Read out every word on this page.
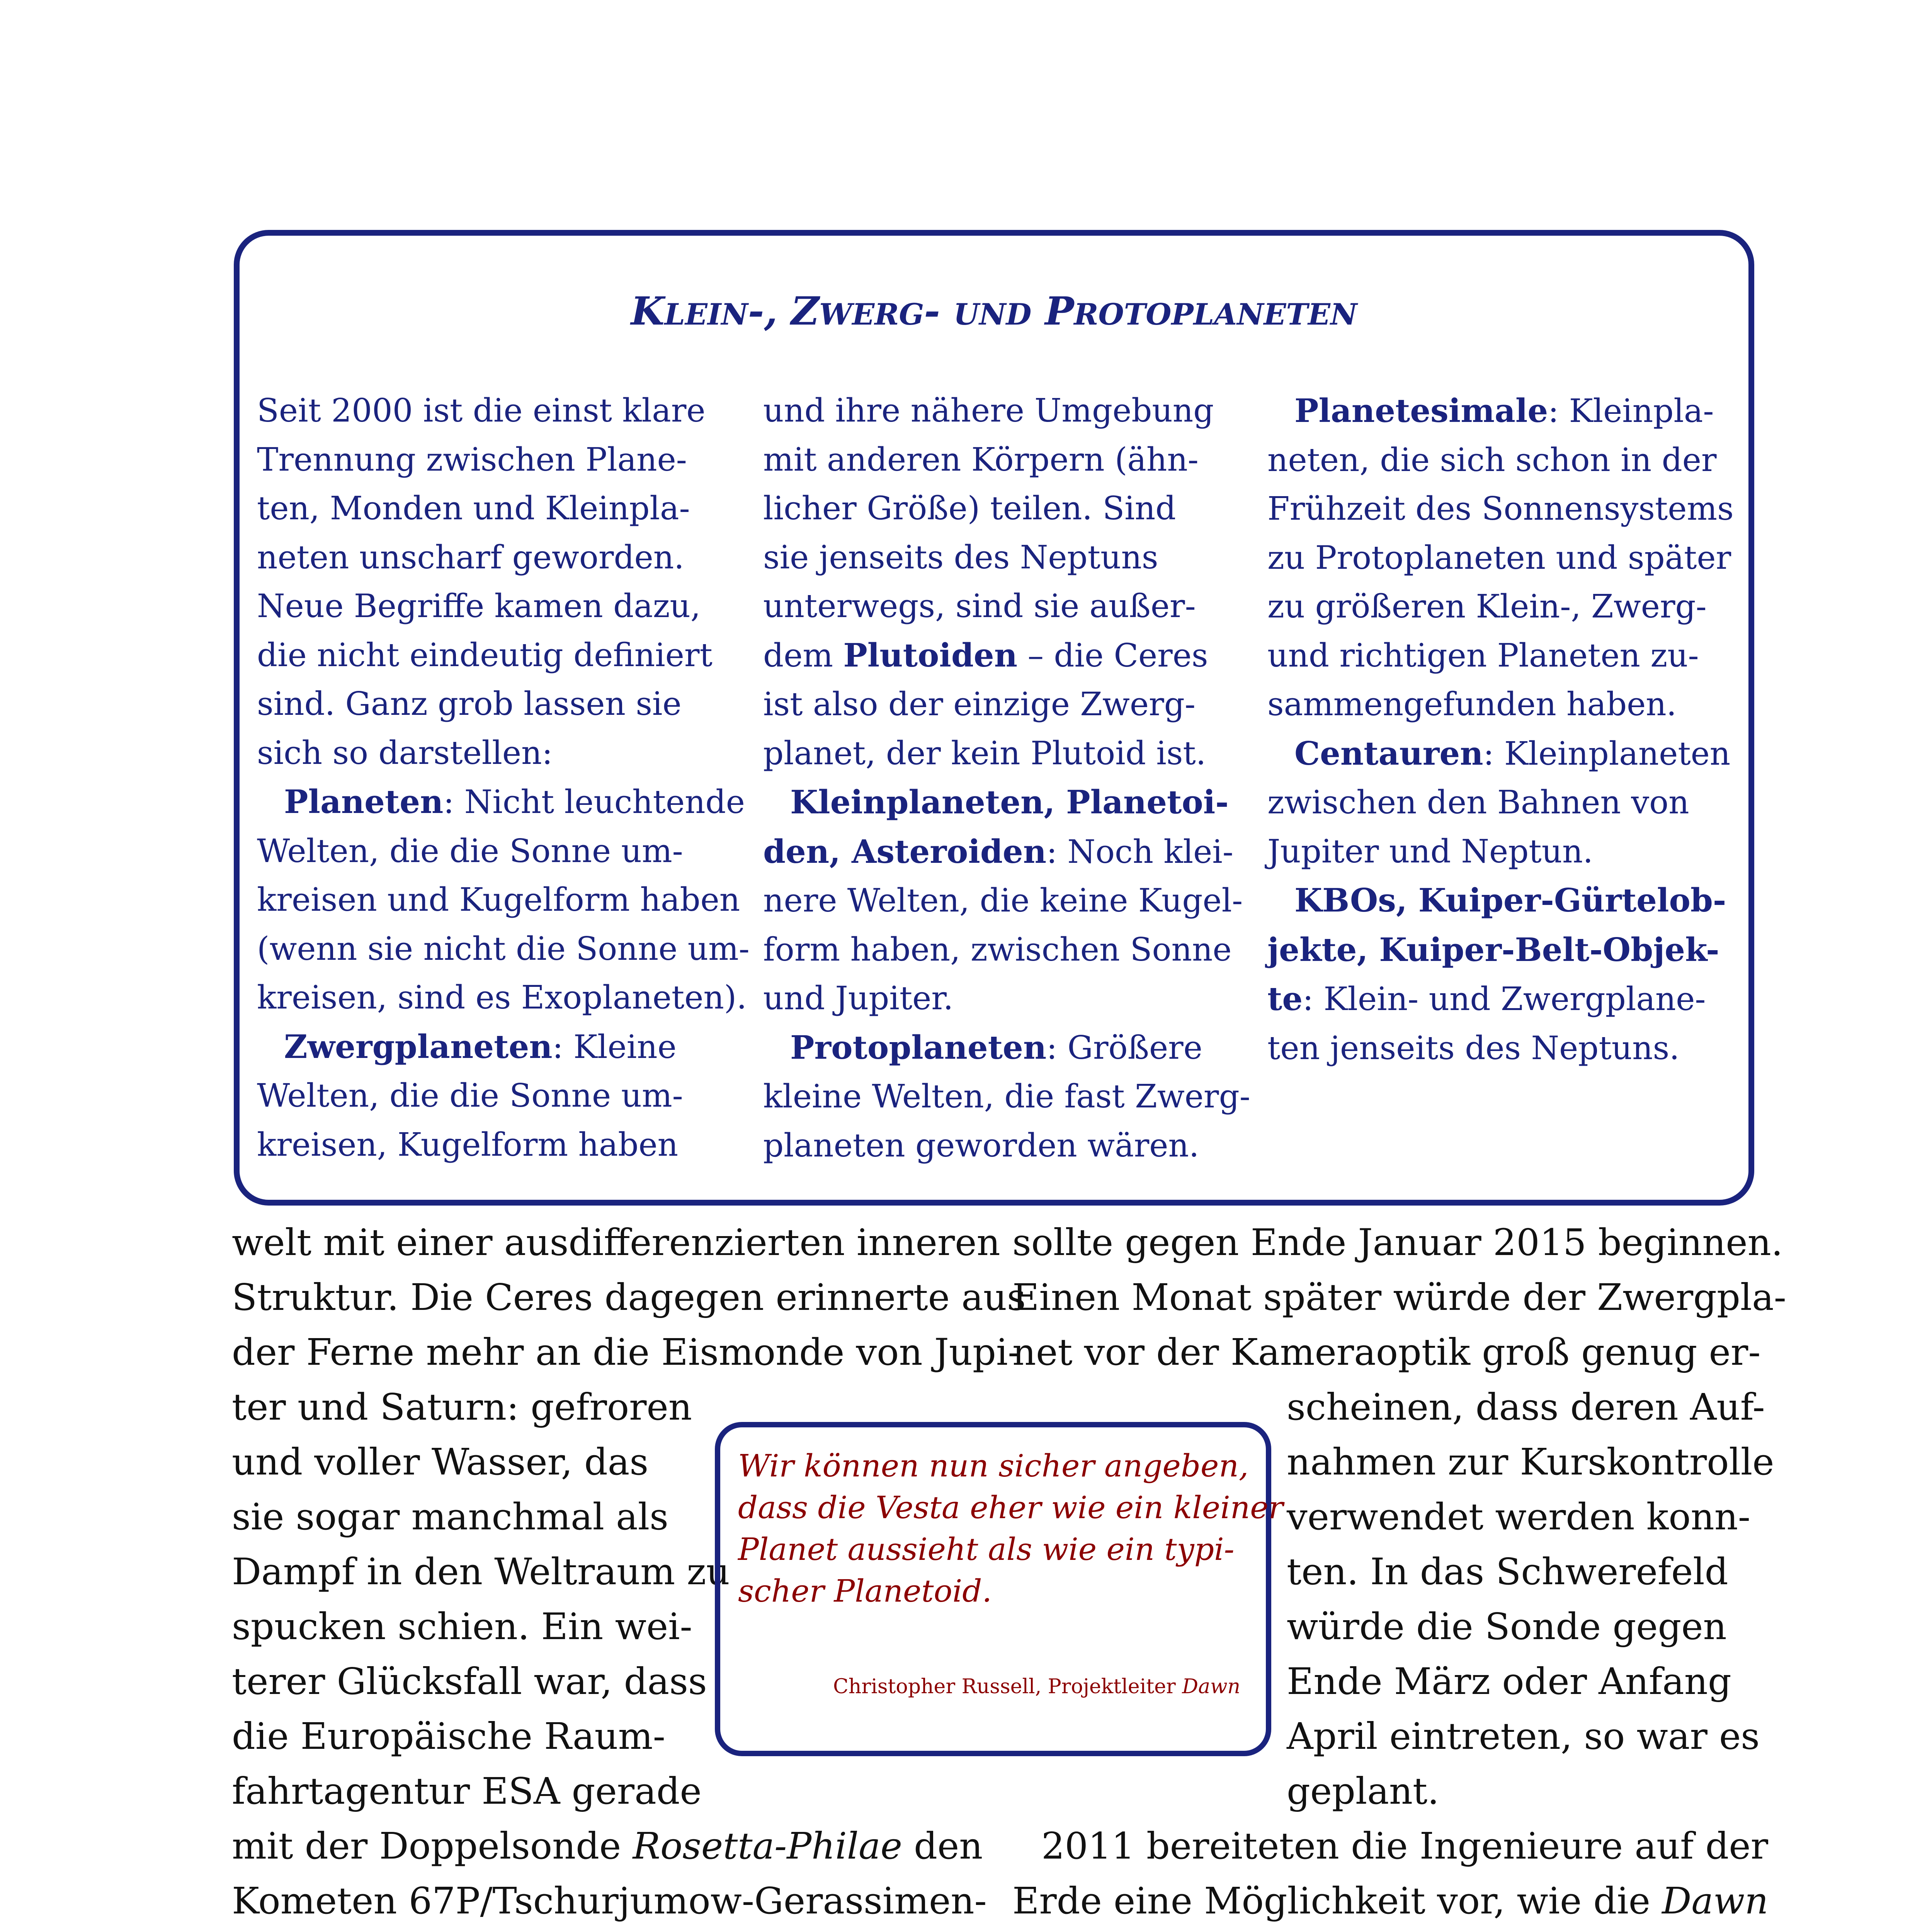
KLEIN-, ZWERG- UND PROTOPLANETEN

Seit 2000 ist die einst klare

Trennung zwischen Plane-

ten, Monden und Kleinpla-

neten unscharf geworden.

Neue Begriffe kamen dazu,

die nicht eindeutig definiert

sind. Ganz grob lassen sie

sich so darstellen:

Planeten: Nicht leuchtende

Welten, die die Sonne um-

kreisen und Kugelform haben

(wenn sie nicht die Sonne um-

kreisen, sind es Exoplaneten).

Zwergplaneten: Kleine

Welten, die die Sonne um-

kreisen, Kugelform haben

und ihre nähere Umgebung

mit anderen Körpern (ähn-

licher Größe) teilen. Sind

sie jenseits des Neptuns

unterwegs, sind sie außer-

dem Plutoiden – die Ceres

ist also der einzige Zwerg-

planet, der kein Plutoid ist.

Kleinplaneten, Planetoi-

den, Asteroiden: Noch klei-

nere Welten, die keine Kugel-

form haben, zwischen Sonne

und Jupiter.

Protoplaneten: Größere

kleine Welten, die fast Zwerg-

planeten geworden wären.

Planetesimale: Kleinpla-

neten, die sich schon in der

Frühzeit des Sonnensystems

zu Protoplaneten und später

zu größeren Klein-, Zwerg-

und richtigen Planeten zu-

sammengefunden haben.

Centauren: Kleinplaneten

zwischen den Bahnen von

Jupiter und Neptun.

KBOs, Kuiper-Gürtelob-

jekte, Kuiper-Belt-Objek-

te: Klein- und Zwergplane-

ten jenseits des Neptuns.

welt mit einer ausdifferenzierten inneren

Struktur. Die Ceres dagegen erinnerte aus

der Ferne mehr an die Eismonde von Jupi-

ter und Saturn: gefroren

und voller Wasser, das

sie sogar manchmal als

Dampf in den Weltraum zu

spucken schien. Ein wei-

terer Glücksfall war, dass

die Europäische Raum-

fahrtagentur ESA gerade

mit der Doppelsonde Rosetta-Philae den

Kometen 67P/Tschurjumow-Gerassimen-

sollte gegen Ende Januar 2015 beginnen.

Einen Monat später würde der Zwergpla-

net vor der Kameraoptik groß genug er-

scheinen, dass deren Auf-

nahmen zur Kurskontrolle

verwendet werden konn-

ten. In das Schwerefeld

würde die Sonde gegen

Ende März oder Anfang

April eintreten, so war es

geplant.

2011 bereiteten die Ingenieure auf der

Erde eine Möglichkeit vor, wie die Dawn

Wir können nun sicher angeben,

dass die Vesta eher wie ein kleiner

Planet aussieht als wie ein typi-

scher Planetoid.

Christopher Russell, Projektleiter Dawn
